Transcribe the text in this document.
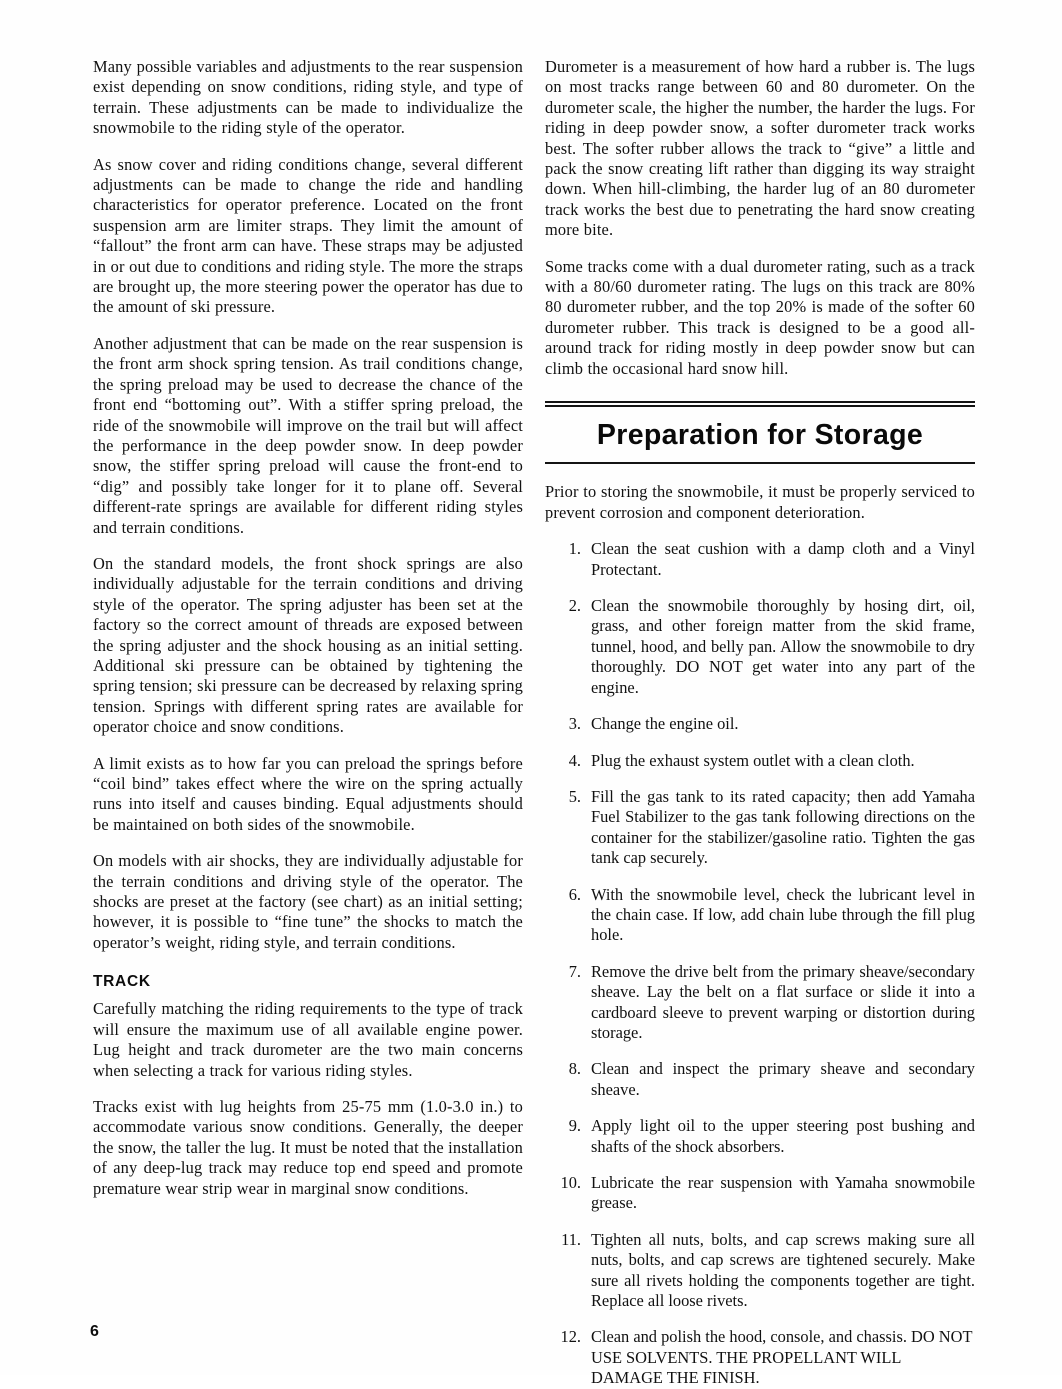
Many possible variables and adjustments to the rear suspension exist depending on snow conditions, riding style, and type of terrain. These adjustments can be made to individualize the snowmobile to the riding style of the operator.

As snow cover and riding conditions change, several different adjustments can be made to change the ride and handling characteristics for operator preference. Located on the front suspension arm are limiter straps. They limit the amount of “fallout” the front arm can have. These straps may be adjusted in or out due to conditions and riding style. The more the straps are brought up, the more steering power the operator has due to the amount of ski pressure.

Another adjustment that can be made on the rear suspension is the front arm shock spring tension. As trail conditions change, the spring preload may be used to decrease the chance of the front end “bottoming out”. With a stiffer spring preload, the ride of the snowmobile will improve on the trail but will affect the performance in the deep powder snow. In deep powder snow, the stiffer spring preload will cause the front-end to “dig” and possibly take longer for it to plane off. Several different-rate springs are available for different riding styles and terrain conditions.

On the standard models, the front shock springs are also individually adjustable for the terrain conditions and driving style of the operator. The spring adjuster has been set at the factory so the correct amount of threads are exposed between the spring adjuster and the shock housing as an initial setting. Additional ski pressure can be obtained by tightening the spring tension; ski pressure can be decreased by relaxing spring tension. Springs with different spring rates are available for operator choice and snow conditions.

A limit exists as to how far you can preload the springs before “coil bind” takes effect where the wire on the spring actually runs into itself and causes binding. Equal adjustments should be maintained on both sides of the snowmobile.

On models with air shocks, they are individually adjustable for the terrain conditions and driving style of the operator. The shocks are preset at the factory (see chart) as an initial setting; however, it is possible to “fine tune” the shocks to match the operator’s weight, riding style, and terrain conditions.

TRACK

Carefully matching the riding requirements to the type of track will ensure the maximum use of all available engine power. Lug height and track durometer are the two main concerns when selecting a track for various riding styles.

Tracks exist with lug heights from 25-75 mm (1.0-3.0 in.) to accommodate various snow conditions. Generally, the deeper the snow, the taller the lug. It must be noted that the installation of any deep-lug track may reduce top end speed and promote premature wear strip wear in marginal snow conditions.

Durometer is a measurement of how hard a rubber is. The lugs on most tracks range between 60 and 80 durometer. On the durometer scale, the higher the number, the harder the lugs. For riding in deep powder snow, a softer durometer track works best. The softer rubber allows the track to “give” a little and pack the snow creating lift rather than digging its way straight down. When hill-climbing, the harder lug of an 80 durometer track works the best due to penetrating the hard snow creating more bite.

Some tracks come with a dual durometer rating, such as a track with a 80/60 durometer rating. The lugs on this track are 80% 80 durometer rubber, and the top 20% is made of the softer 60 durometer rubber. This track is designed to be a good all-around track for riding mostly in deep powder snow but can climb the occasional hard snow hill.

Preparation for Storage

Prior to storing the snowmobile, it must be properly serviced to prevent corrosion and component deterioration.

1. Clean the seat cushion with a damp cloth and a Vinyl Protectant.
2. Clean the snowmobile thoroughly by hosing dirt, oil, grass, and other foreign matter from the skid frame, tunnel, hood, and belly pan. Allow the snowmobile to dry thoroughly. DO NOT get water into any part of the engine.
3. Change the engine oil.
4. Plug the exhaust system outlet with a clean cloth.
5. Fill the gas tank to its rated capacity; then add Yamaha Fuel Stabilizer to the gas tank following directions on the container for the stabilizer/gasoline ratio. Tighten the gas tank cap securely.
6. With the snowmobile level, check the lubricant level in the chain case. If low, add chain lube through the fill plug hole.
7. Remove the drive belt from the primary sheave/secondary sheave. Lay the belt on a flat surface or slide it into a cardboard sleeve to prevent warping or distortion during storage.
8. Clean and inspect the primary sheave and secondary sheave.
9. Apply light oil to the upper steering post bushing and shafts of the shock absorbers.
10. Lubricate the rear suspension with Yamaha snowmobile grease.
11. Tighten all nuts, bolts, and cap screws making sure all nuts, bolts, and cap screws are tightened securely. Make sure all rivets holding the components together are tight. Replace all loose rivets.
12. Clean and polish the hood, console, and chassis. DO NOT USE SOLVENTS. THE PROPELLANT WILL DAMAGE THE FINISH.
6
